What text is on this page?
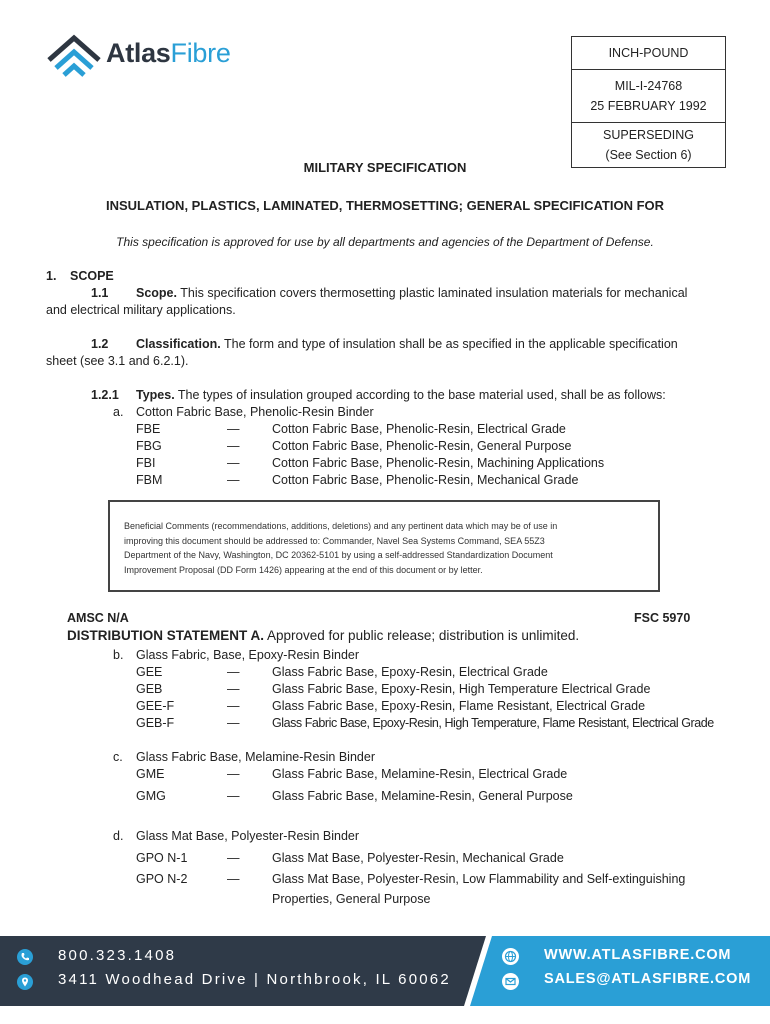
AtlasFibre	INCH-POUND
MIL-I-24768
25 FEBRUARY 1992
SUPERSEDING
(See Section 6)
MILITARY SPECIFICATION
INSULATION, PLASTICS, LAMINATED, THERMOSETTING; GENERAL SPECIFICATION FOR
This specification is approved for use by all departments and agencies of the Department of Defense.
1. SCOPE
1.1 Scope. This specification covers thermosetting plastic laminated insulation materials for mechanical
and electrical military applications.
1.2 Classification. The form and type of insulation shall be as specified in the applicable specification
sheet (see 3.1 and 6.2.1).
1.2.1 Types. The types of insulation grouped according to the base material used, shall be as follows:
a. Cotton Fabric Base, Phenolic-Resin Binder
FBE	—	Cotton Fabric Base, Phenolic-Resin, Electrical Grade
FBG	—	Cotton Fabric Base, Phenolic-Resin, General Purpose
FBI	—	Cotton Fabric Base, Phenolic-Resin, Machining Applications
FBM	—	Cotton Fabric Base, Phenolic-Resin, Mechanical Grade
Beneficial Comments (recommendations, additions, deletions) and any pertinent data which may be of use in
improving this document should be addressed to: Commander, Navel Sea Systems Command, SEA 55Z3
Department of the Navy, Washington, DC 20362-5101 by using a self-addressed Standardization Document
Improvement Proposal (DD Form 1426) appearing at the end of this document or by letter.
AMSC N/A	FSC 5970
DISTRIBUTION STATEMENT A. Approved for public release; distribution is unlimited.
b. Glass Fabric, Base, Epoxy-Resin Binder
GEE	—	Glass Fabric Base, Epoxy-Resin, Electrical Grade
GEB	—	Glass Fabric Base, Epoxy-Resin, High Temperature Electrical Grade
GEE-F	—	Glass Fabric Base, Epoxy-Resin, Flame Resistant, Electrical Grade
GEB-F	—	Glass Fabric Base, Epoxy-Resin, High Temperature, Flame Resistant, Electrical Grade
c. Glass Fabric Base, Melamine-Resin Binder
GME	—	Glass Fabric Base, Melamine-Resin, Electrical Grade
GMG	—	Glass Fabric Base, Melamine-Resin, General Purpose
d. Glass Mat Base, Polyester-Resin Binder
GPO N-1	—	Glass Mat Base, Polyester-Resin, Mechanical Grade
GPO N-2	—	Glass Mat Base, Polyester-Resin, Low Flammability and Self-extinguishing
Properties, General Purpose
800.323.1408
3411 Woodhead Drive | Northbrook, IL 60062
WWW.ATLASFIBRE.COM
SALES@ATLASFIBRE.COM
